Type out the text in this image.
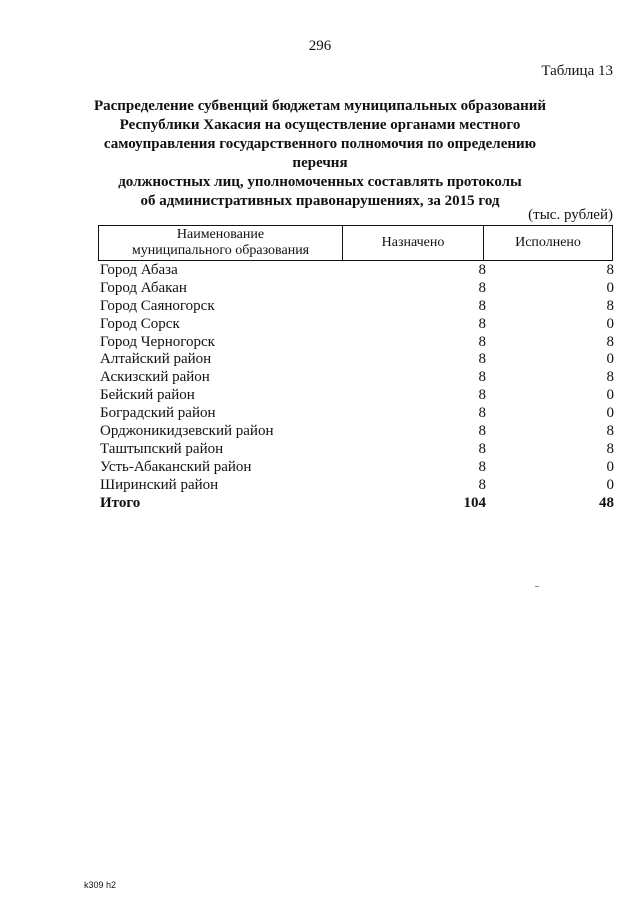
296
Таблица 13
Распределение субвенций бюджетам муниципальных образований
Республики Хакасия на осуществление органами местного
самоуправления государственного полномочия по определению перечня
должностных лиц, уполномоченных составлять протоколы
об административных правонарушениях, за 2015 год
(тыс. рублей)
Наименование
муниципального образования
	Назначено	Исполнено
Город Абаза	8	8
Город Абакан	8	0
Город Саяногорск	8	8
Город Сорск	8	0
Город Черногорск	8	8
Алтайский район	8	0
Аскизский район	8	8
Бейский район	8	0
Боградский район	8	0
Орджоникидзевский район	8	8
Таштыпский район	8	8
Усть-Абаканский район	8	0
Ширинский район	8	0
Итого	104	48
k309 h2
